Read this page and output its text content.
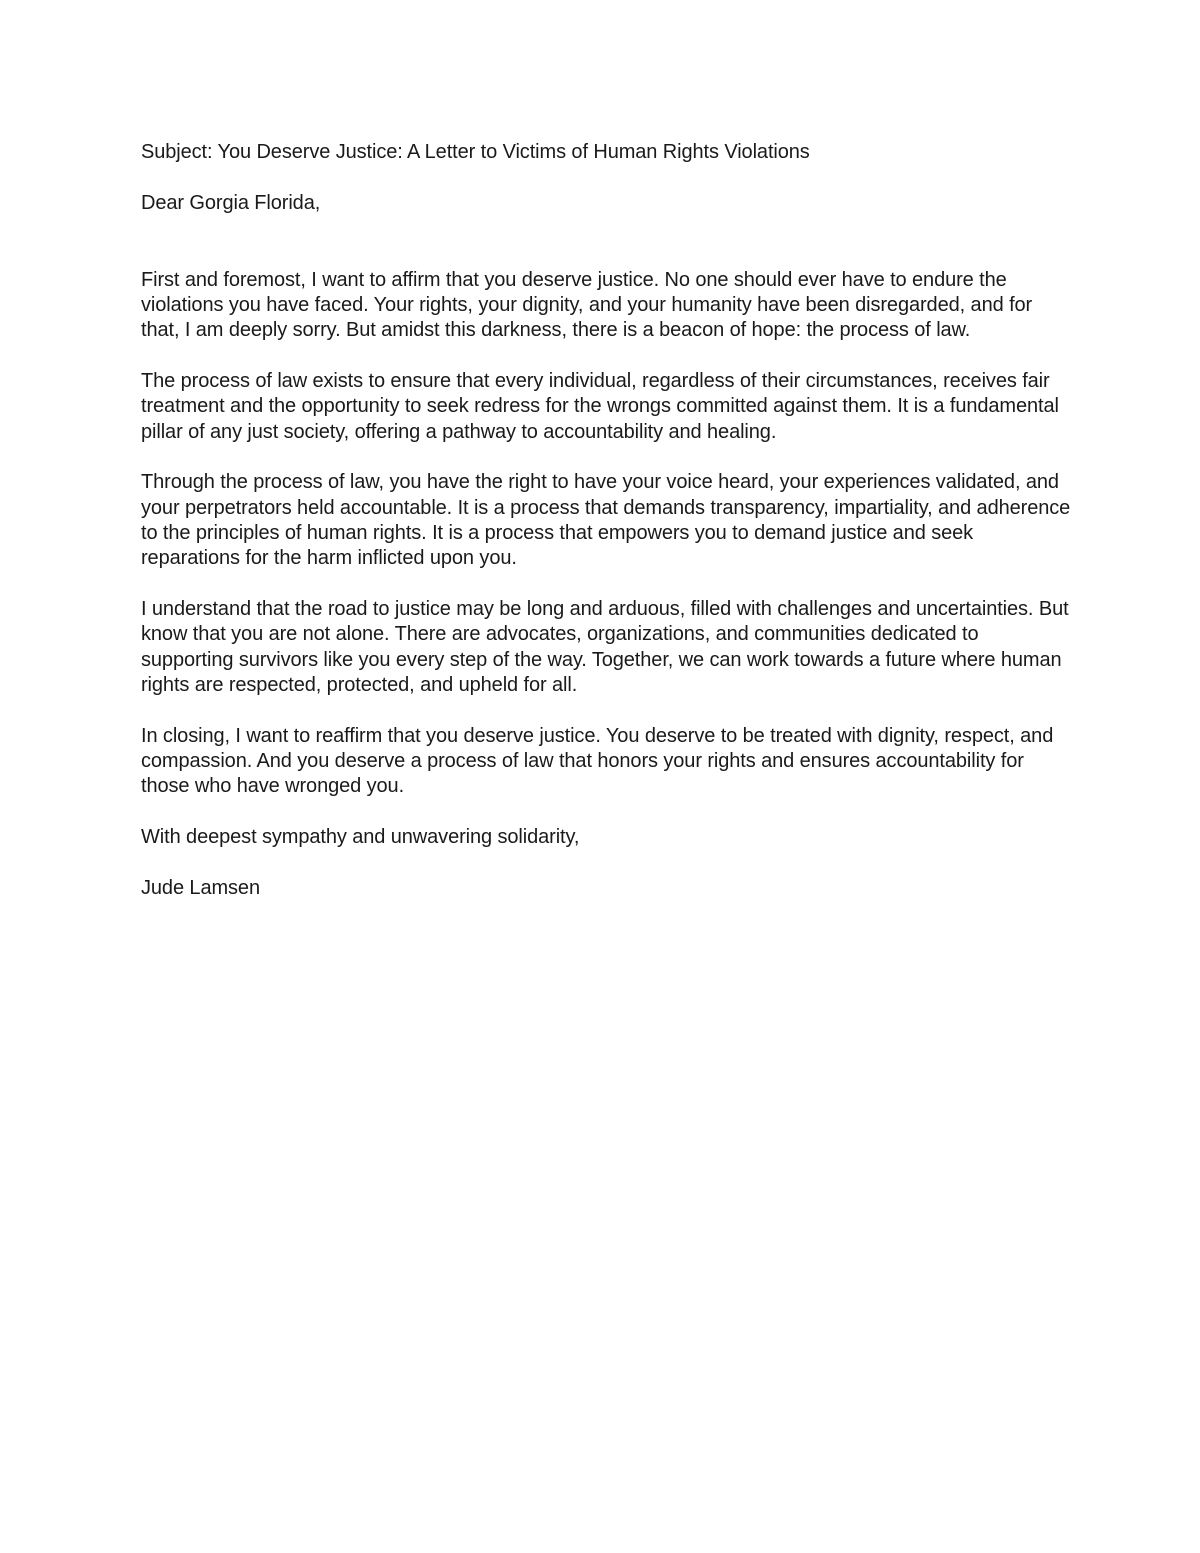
Subject: You Deserve Justice: A Letter to Victims of Human Rights Violations

Dear Gorgia Florida,

First and foremost, I want to affirm that you deserve justice. No one should ever have to endure the violations you have faced. Your rights, your dignity, and your humanity have been disregarded, and for that, I am deeply sorry. But amidst this darkness, there is a beacon of hope: the process of law.

The process of law exists to ensure that every individual, regardless of their circumstances, receives fair treatment and the opportunity to seek redress for the wrongs committed against them. It is a fundamental pillar of any just society, offering a pathway to accountability and healing.

Through the process of law, you have the right to have your voice heard, your experiences validated, and your perpetrators held accountable. It is a process that demands transparency, impartiality, and adherence to the principles of human rights. It is a process that empowers you to demand justice and seek reparations for the harm inflicted upon you.

I understand that the road to justice may be long and arduous, filled with challenges and uncertainties. But know that you are not alone. There are advocates, organizations, and communities dedicated to supporting survivors like you every step of the way. Together, we can work towards a future where human rights are respected, protected, and upheld for all.

In closing, I want to reaffirm that you deserve justice. You deserve to be treated with dignity, respect, and compassion. And you deserve a process of law that honors your rights and ensures accountability for those who have wronged you.

With deepest sympathy and unwavering solidarity,

Jude Lamsen
